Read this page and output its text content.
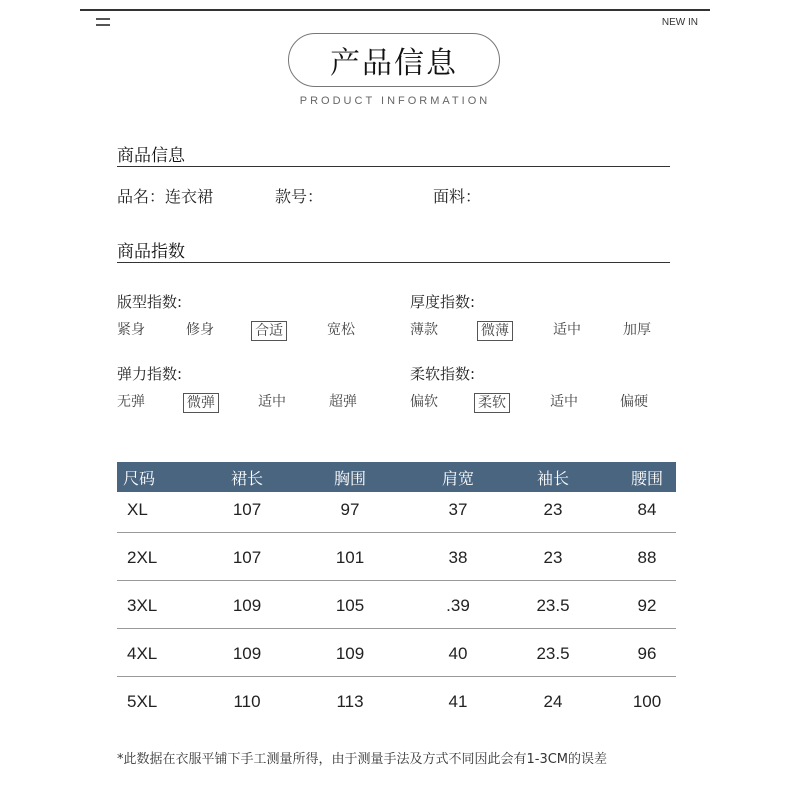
NEW IN
产品信息
PRODUCT INFORMATION
商品信息
品名：连衣裙	款号：	面料：
商品指数
版型指数:
紧身	修身	合适	宽松
厚度指数:
薄款	微薄	适中	加厚
弹力指数:
无弹	微弹	适中	超弹
柔软指数:
偏软	柔软	适中	偏硬
尺码	裙长	胸围	肩宽	袖长	腰围
XL	107	97	37	23	84
2XL	107	101	38	23	88
3XL	109	105	.39	23.5	92
4XL	109	109	40	23.5	96
5XL	110	113	41	24	100
*此数据在衣服平铺下手工测量所得，由于测量手法及方式不同因此会有1-3CM的误差
